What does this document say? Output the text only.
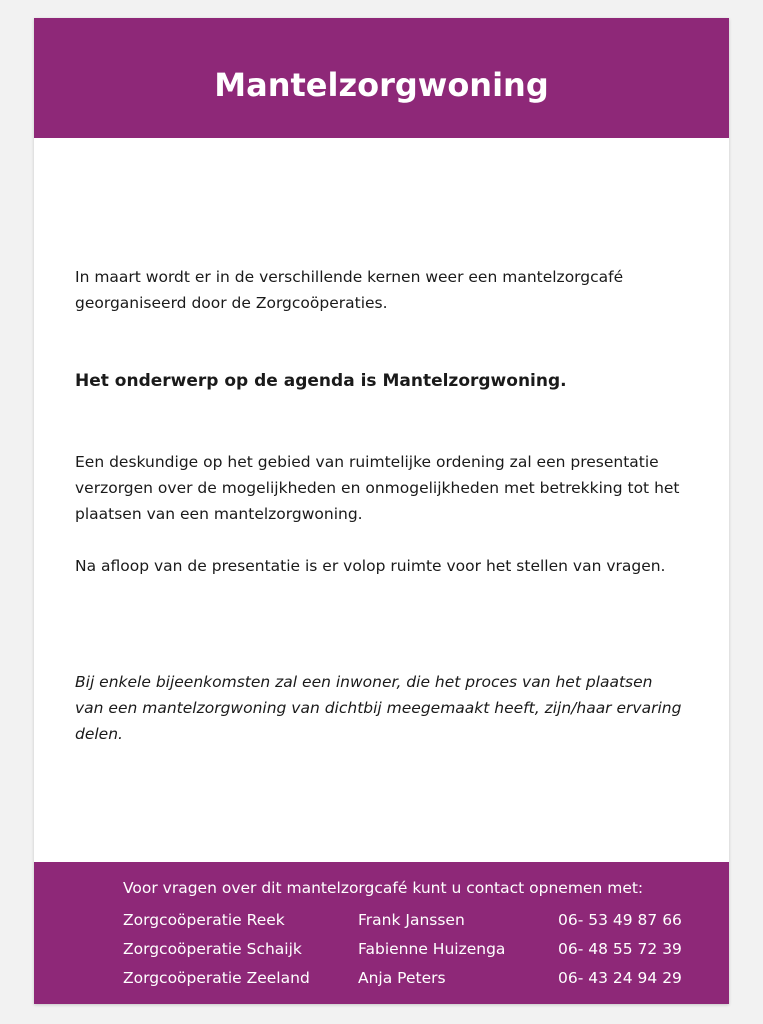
Mantelzorgwoning

In maart wordt er in de verschillende kernen weer een mantelzorgcafé georganiseerd door de Zorgcoöperaties.

Het onderwerp op de agenda is Mantelzorgwoning.

Een deskundige op het gebied van ruimtelijke ordening zal een presentatie verzorgen over de mogelijkheden en onmogelijkheden met betrekking tot het plaatsen van een mantelzorgwoning.

Na afloop van de presentatie is er volop ruimte voor het stellen van vragen.

Bij enkele bijeenkomsten zal een inwoner, die het proces van het plaatsen van een mantelzorgwoning van dichtbij meegemaakt heeft, zijn/haar ervaring delen.

Voor vragen over dit mantelzorgcafé kunt u contact opnemen met:
Zorgcoöperatie Reek	Frank Janssen	06- 53 49 87 66
Zorgcoöperatie Schaijk	Fabienne Huizenga	06- 48 55 72 39
Zorgcoöperatie Zeeland	Anja Peters	06- 43 24 94 29
